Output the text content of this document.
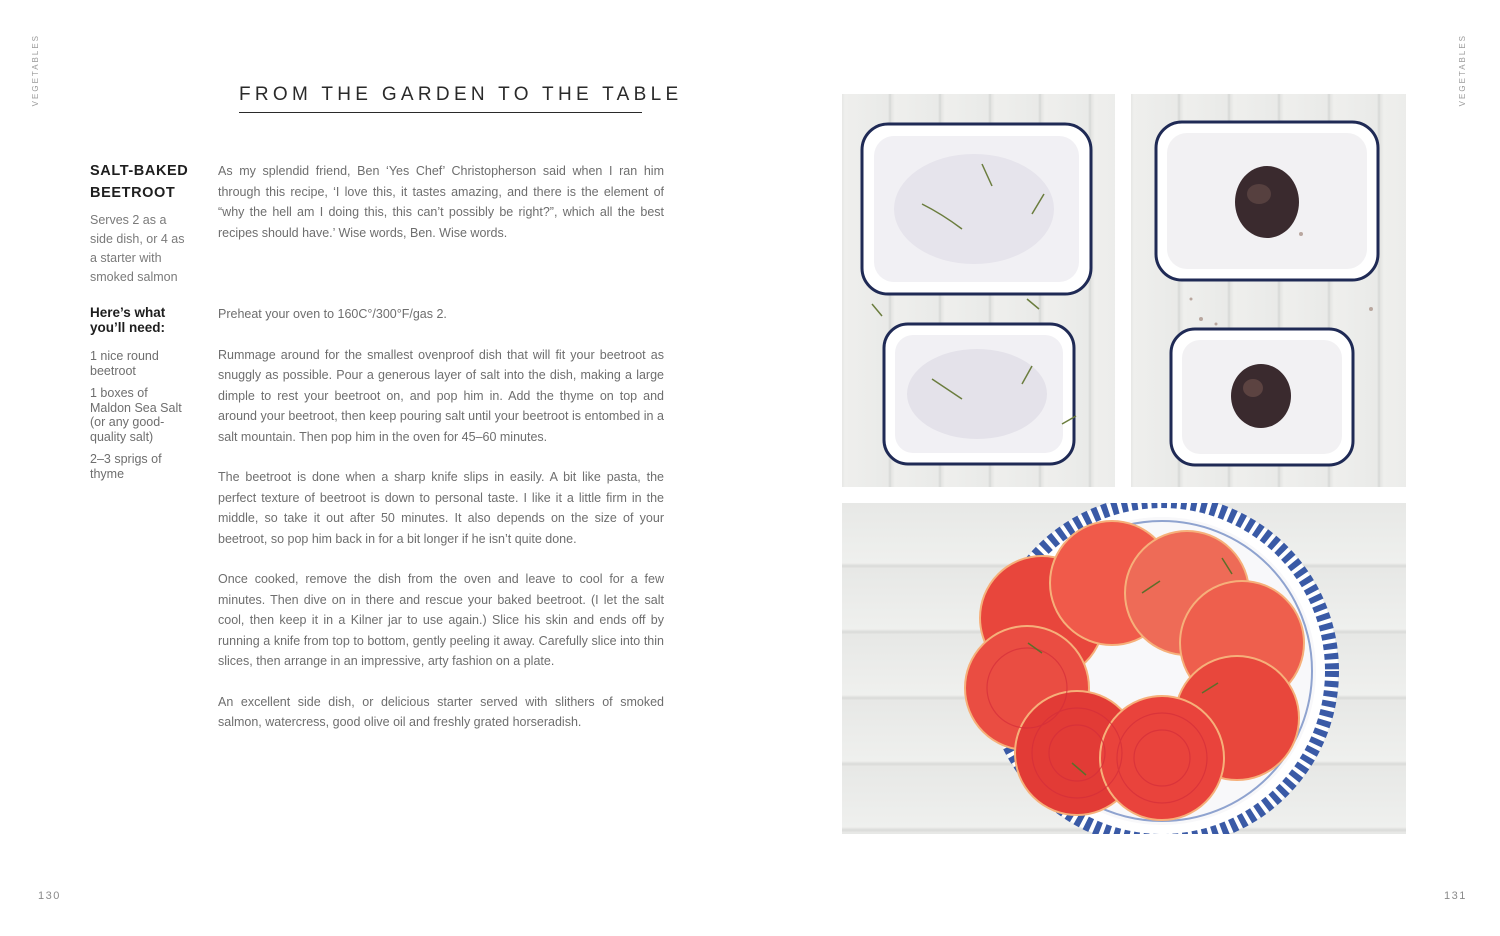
VEGETABLES	VEGETABLES
FROM THE GARDEN TO THE TABLE
SALT-BAKED BEETROOT
Serves 2 as a side dish, or 4 as a starter with smoked salmon
Here’s what you’ll need:
1 nice round beetroot
1 boxes of Maldon Sea Salt (or any good-quality salt)
2–3 sprigs of thyme

As my splendid friend, Ben ‘Yes Chef’ Christopherson said when I ran him through this recipe, ‘I love this, it tastes amazing, and there is the element of “why the hell am I doing this, this can’t possibly be right?”, which all the best recipes should have.’ Wise words, Ben. Wise words.

Preheat your oven to 160C°/300°F/gas 2.

Rummage around for the smallest ovenproof dish that will fit your beetroot as snuggly as possible. Pour a generous layer of salt into the dish, making a large dimple to rest your beetroot on, and pop him in. Add the thyme on top and around your beetroot, then keep pouring salt until your beetroot is entombed in a salt mountain. Then pop him in the oven for 45–60 minutes.

The beetroot is done when a sharp knife slips in easily. A bit like pasta, the perfect texture of beetroot is down to personal taste. I like it a little firm in the middle, so take it out after 50 minutes. It also depends on the size of your beetroot, so pop him back in for a bit longer if he isn’t quite done.

Once cooked, remove the dish from the oven and leave to cool for a few minutes. Then dive on in there and rescue your baked beetroot. (I let the salt cool, then keep it in a Kilner jar to use again.) Slice his skin and ends off by running a knife from top to bottom, gently peeling it away. Carefully slice into thin slices, then arrange in an impressive, arty fashion on a plate.

An excellent side dish, or delicious starter served with slithers of smoked salmon, watercress, good olive oil and freshly grated horseradish.

130	131
